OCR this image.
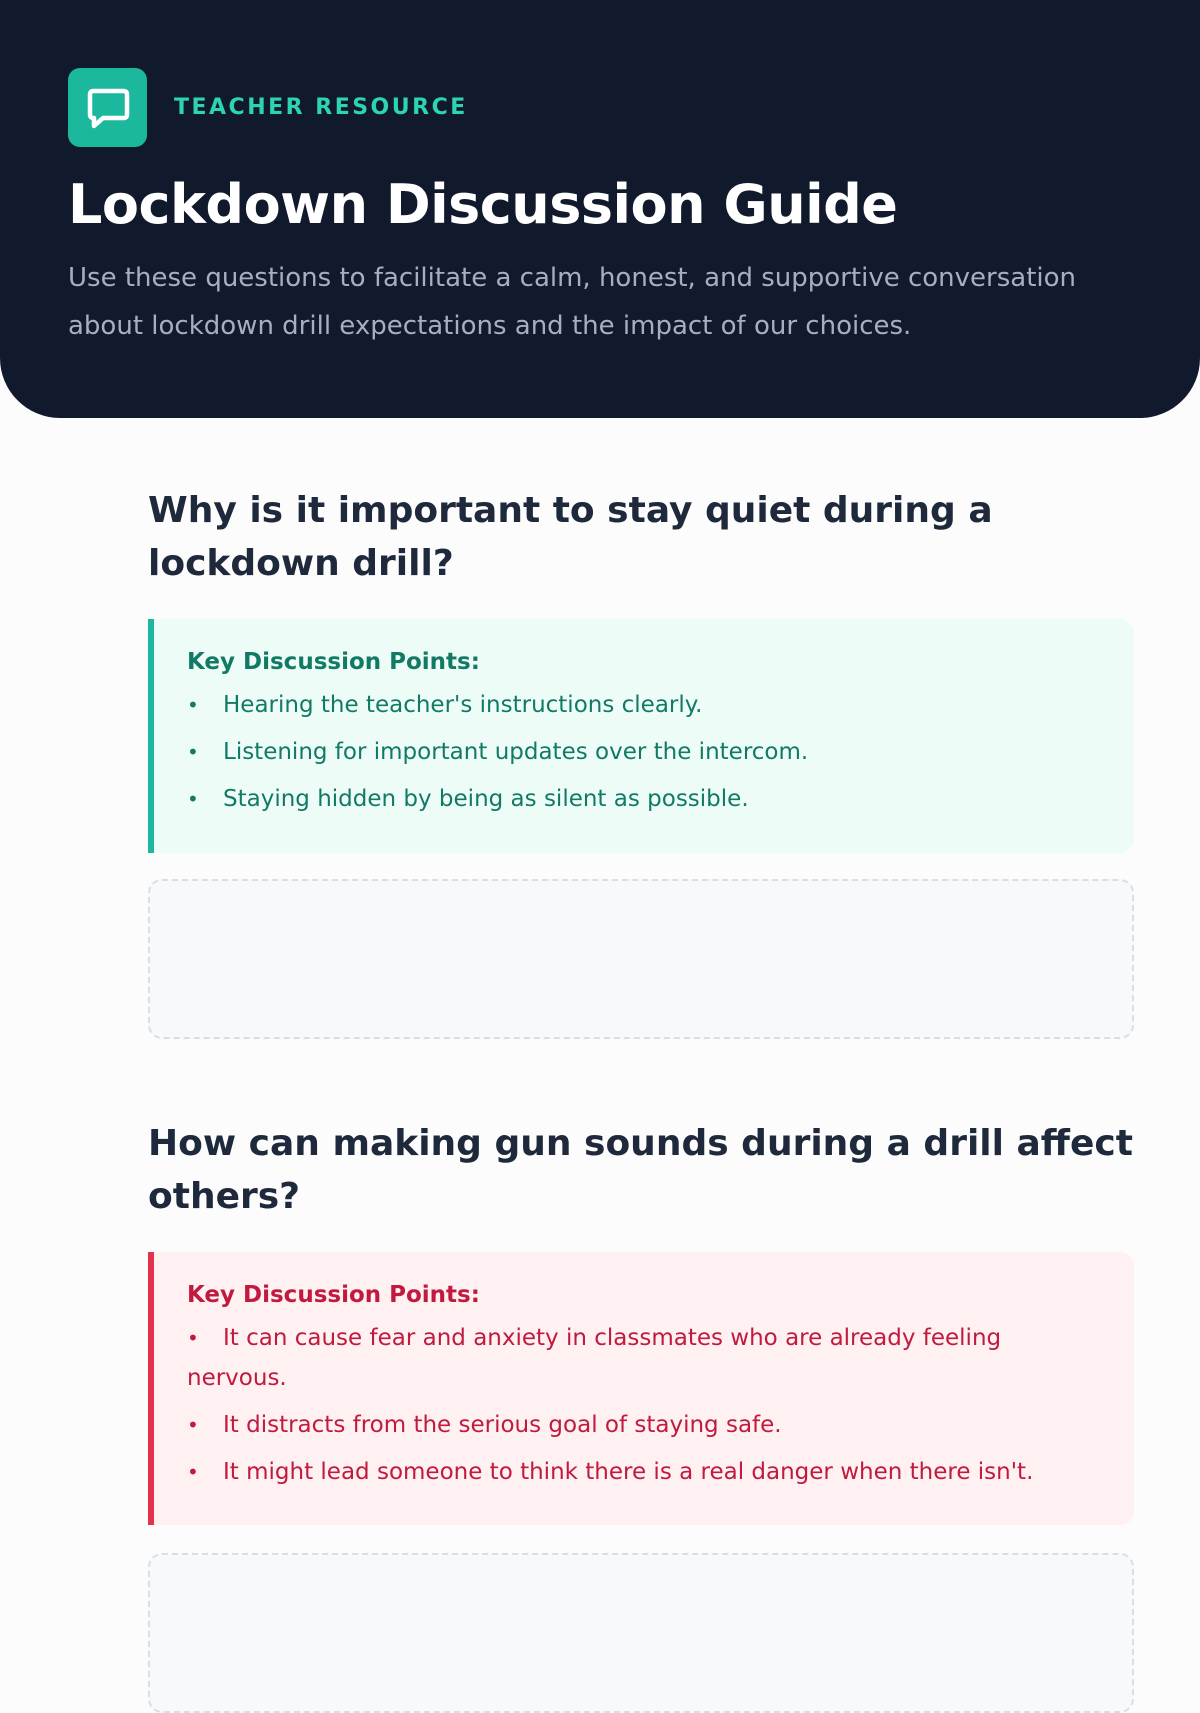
TEACHER RESOURCE
Lockdown Discussion Guide

Use these questions to facilitate a calm, honest, and supportive conversation about lockdown drill expectations and the impact of our choices.

Why is it important to stay quiet during a lockdown drill?

Key Discussion Points:

• Hearing the teacher's instructions clearly.
• Listening for important updates over the intercom.
• Staying hidden by being as silent as possible.
How can making gun sounds during a drill affect others?

Key Discussion Points:

• It can cause fear and anxiety in classmates who are already feeling nervous.
• It distracts from the serious goal of staying safe.
• It might lead someone to think there is a real danger when there isn't.
